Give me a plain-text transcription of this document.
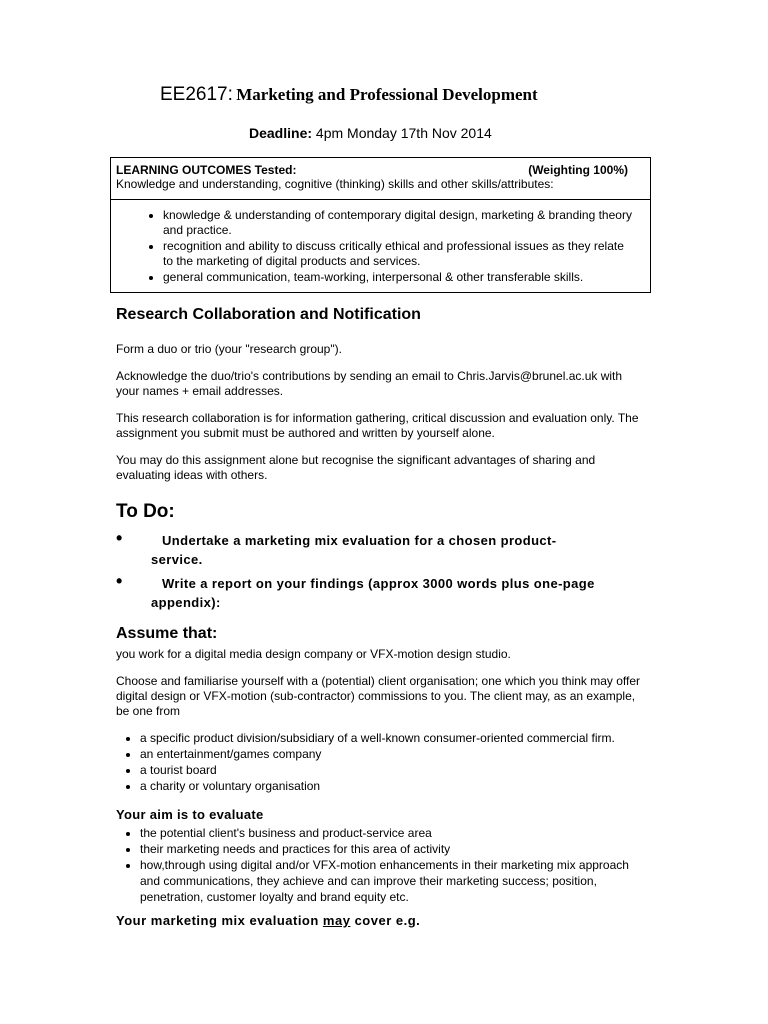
EE2617: Marketing and Professional Development
Deadline: 4pm Monday 17th Nov 2014
LEARNING OUTCOMES Tested:	(Weighting 100%)
Knowledge and understanding, cognitive (thinking) skills and other skills/attributes:
• knowledge & understanding of contemporary digital design, marketing & branding theory and practice.
• recognition and ability to discuss critically ethical and professional issues as they relate to the marketing of digital products and services.
• general communication, team-working, interpersonal & other transferable skills.
Research Collaboration and Notification

Form a duo or trio (your "research group").

Acknowledge the duo/trio's contributions by sending an email to Chris.Jarvis@brunel.ac.uk with your names + email addresses.

This research collaboration is for information gathering, critical discussion and evaluation only. The assignment you submit must be authored and written by yourself alone.

You may do this assignment alone but recognise the significant advantages of sharing and evaluating ideas with others.

To Do:
•	Undertake a marketing mix evaluation for a chosen product-
service.
•	Write a report on your findings (approx 3000 words plus one-page
appendix):
Assume that:

you work for a digital media design company or VFX-motion design studio.

Choose and familiarise yourself with a (potential) client organisation; one which you think may offer digital design or VFX-motion (sub-contractor) commissions to you. The client may, as an example, be one from

• a specific product division/subsidiary of a well-known consumer-oriented commercial firm.
• an entertainment/games company
• a tourist board
• a charity or voluntary organisation
Your aim is to evaluate
• the potential client's business and product-service area
• their marketing needs and practices for this area of activity
• how,through using digital and/or VFX-motion enhancements in their marketing mix approach and communications, they achieve and can improve their marketing success; position, penetration, customer loyalty and brand equity etc.
Your marketing mix evaluation may cover e.g.
